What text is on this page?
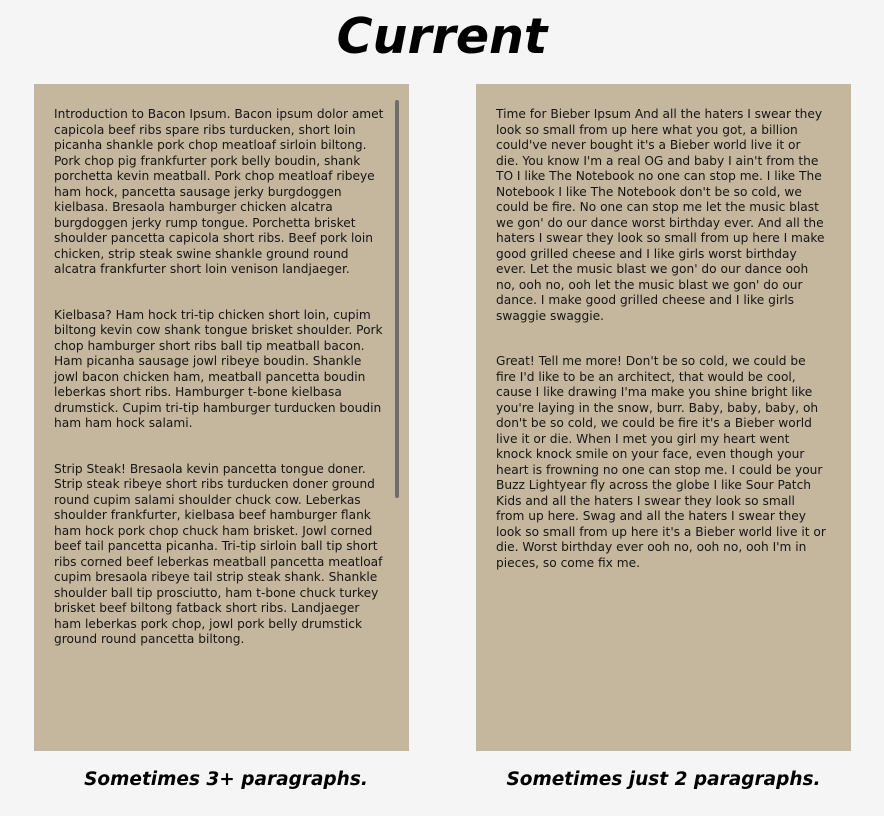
Current

Introduction to Bacon Ipsum. Bacon ipsum dolor amet capicola beef ribs spare ribs turducken, short loin picanha shankle pork chop meatloaf sirloin biltong. Pork chop pig frankfurter pork belly boudin, shank porchetta kevin meatball. Pork chop meatloaf ribeye ham hock, pancetta sausage jerky burgdoggen kielbasa. Bresaola hamburger chicken alcatra burgdoggen jerky rump tongue. Porchetta brisket shoulder pancetta capicola short ribs. Beef pork loin chicken, strip steak swine shankle ground round alcatra frankfurter short loin venison landjaeger.

Kielbasa? Ham hock tri-tip chicken short loin, cupim biltong kevin cow shank tongue brisket shoulder. Pork chop hamburger short ribs ball tip meatball bacon. Ham picanha sausage jowl ribeye boudin. Shankle jowl bacon chicken ham, meatball pancetta boudin leberkas short ribs. Hamburger t-bone kielbasa drumstick. Cupim tri-tip hamburger turducken boudin ham ham hock salami.

Strip Steak! Bresaola kevin pancetta tongue doner. Strip steak ribeye short ribs turducken doner ground round cupim salami shoulder chuck cow. Leberkas shoulder frankfurter, kielbasa beef hamburger flank ham hock pork chop chuck ham brisket. Jowl corned beef tail pancetta picanha. Tri-tip sirloin ball tip short ribs corned beef leberkas meatball pancetta meatloaf cupim bresaola ribeye tail strip steak shank. Shankle shoulder ball tip prosciutto, ham t-bone chuck turkey brisket beef biltong fatback short ribs. Landjaeger ham leberkas pork chop, jowl pork belly drumstick ground round pancetta biltong.

Time for Bieber Ipsum And all the haters I swear they look so small from up here what you got, a billion could've never bought it's a Bieber world live it or die. You know I'm a real OG and baby I ain't from the TO I like The Notebook no one can stop me. I like The Notebook I like The Notebook don't be so cold, we could be fire. No one can stop me let the music blast we gon' do our dance worst birthday ever. And all the haters I swear they look so small from up here I make good grilled cheese and I like girls worst birthday ever. Let the music blast we gon' do our dance ooh no, ooh no, ooh let the music blast we gon' do our dance. I make good grilled cheese and I like girls swaggie swaggie.

Great! Tell me more! Don't be so cold, we could be fire I'd like to be an architect, that would be cool, cause I like drawing I'ma make you shine bright like you're laying in the snow, burr. Baby, baby, baby, oh don't be so cold, we could be fire it's a Bieber world live it or die. When I met you girl my heart went knock knock smile on your face, even though your heart is frowning no one can stop me. I could be your Buzz Lightyear fly across the globe I like Sour Patch Kids and all the haters I swear they look so small from up here. Swag and all the haters I swear they look so small from up here it's a Bieber world live it or die. Worst birthday ever ooh no, ooh no, ooh I'm in pieces, so come fix me.

Sometimes 3+ paragraphs.	Sometimes just 2 paragraphs.
